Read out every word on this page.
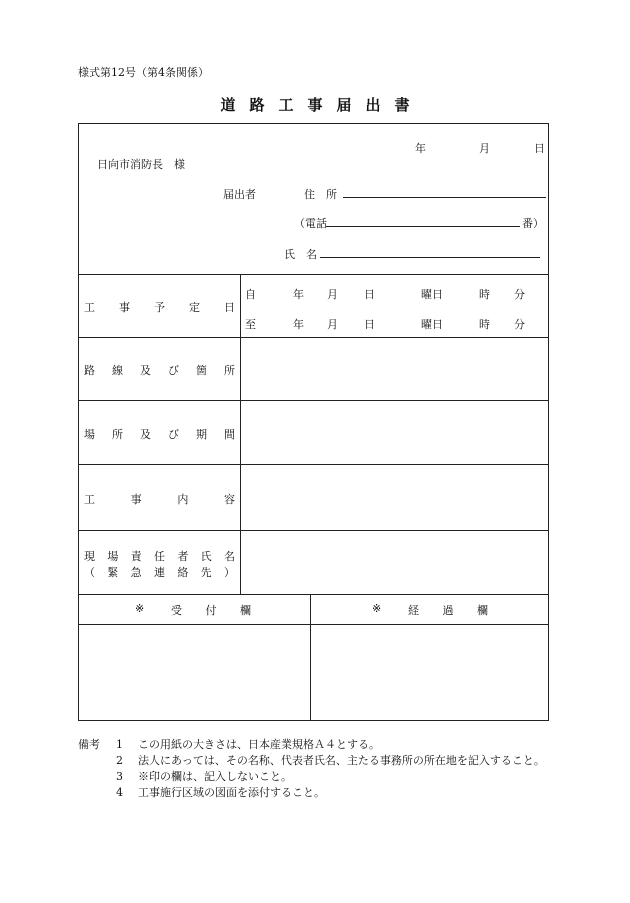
様式第12号（第4条関係）
道路工事届出書
年	月	日
日向市消防長　様
届出者	住　所
（電話	番）
氏　名
工 事 予 定 日
自	年 月 日	曜日	時 分
至	年 月 日	曜日	時 分
路 線 及 び 箇 所
場 所 及 び 期 間
工	事	内	容
現 場 責 任 者 氏 名
（ 緊 急 連 絡 先 ）
※ 受 付 欄	※ 経 過 欄
備考	1	この用紙の大きさは、日本産業規格Ａ４とする。
2	法人にあっては、その名称、代表者氏名、主たる事務所の所在地を記入すること。
3	※印の欄は、記入しないこと。
4	工事施行区域の図面を添付すること。
